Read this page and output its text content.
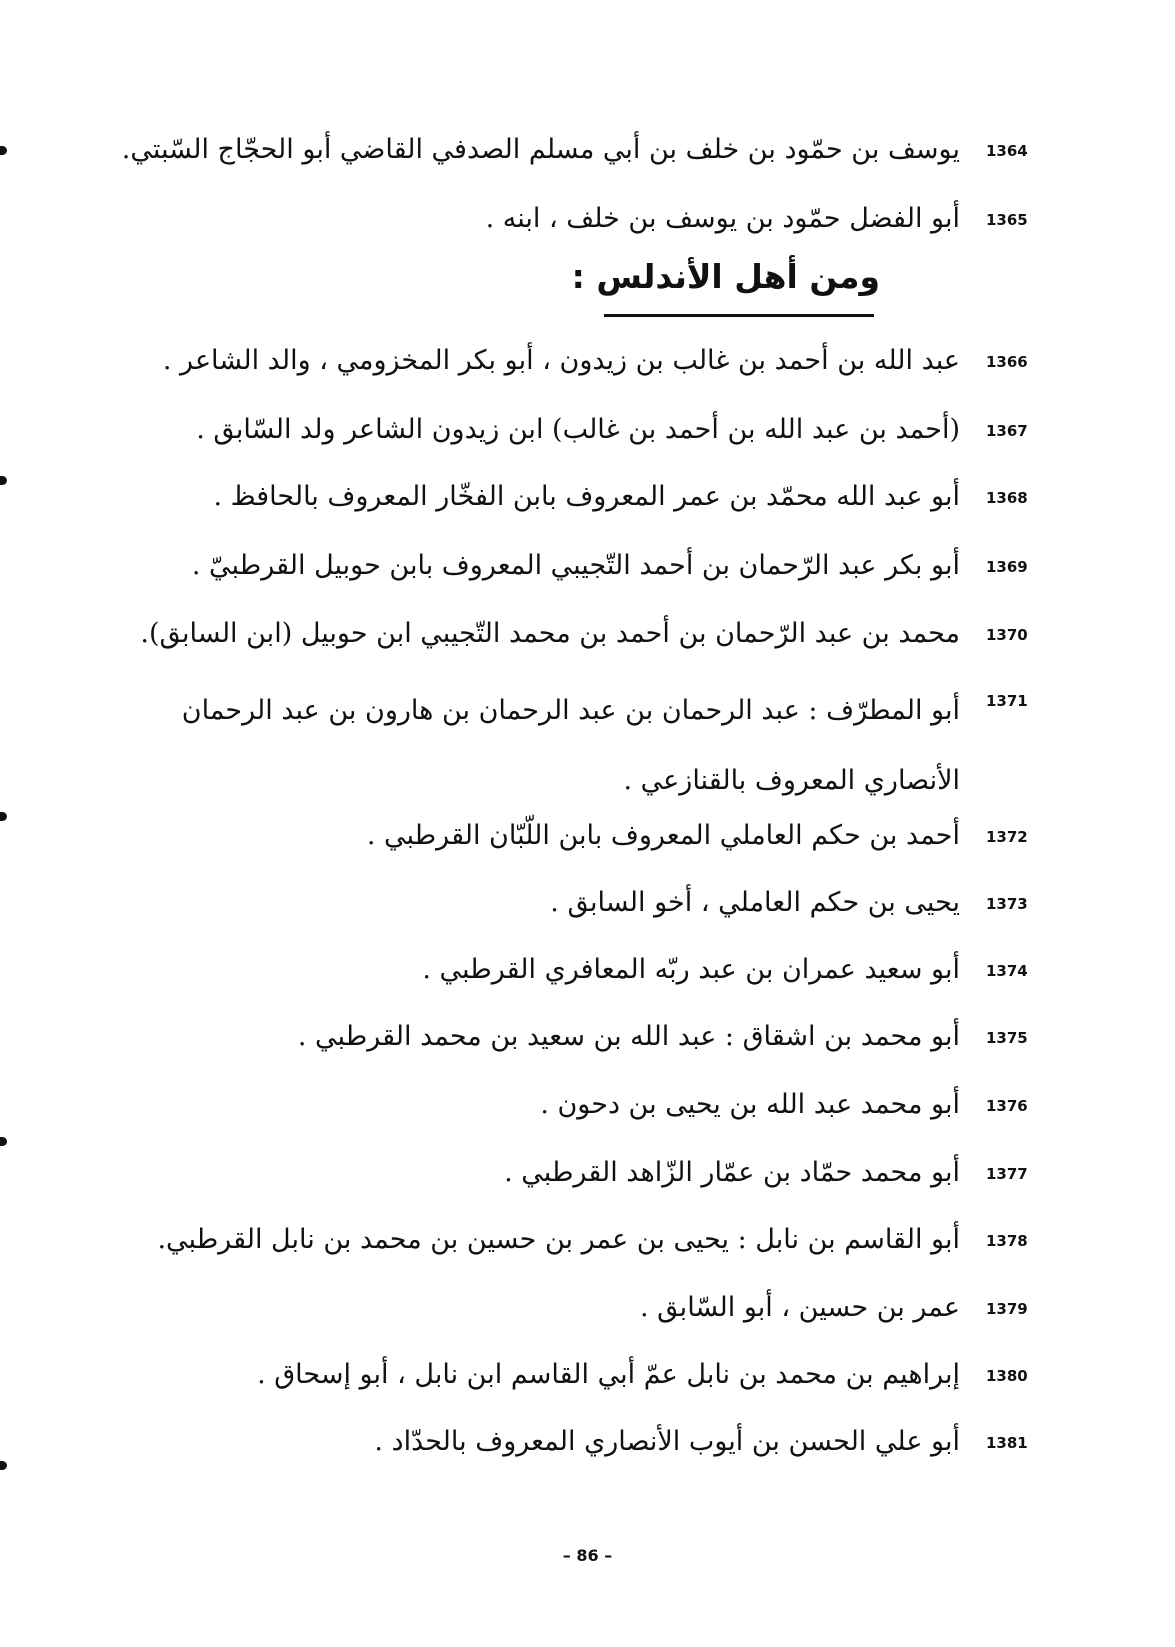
1364
يوسف بن حمّود بن خلف بن أبي مسلم الصدفي القاضي أبو الحجّاج السّبتي.
1365
أبو الفضل حمّود بن يوسف بن خلف ، ابنه .
ومن أهل الأندلس :
1366
عبد الله بن أحمد بن غالب بن زيدون ، أبو بكر المخزومي ، والد الشاعر .
1367
(أحمد بن عبد الله بن أحمد بن غالب) ابن زيدون الشاعر ولد السّابق .
1368
أبو عبد الله محمّد بن عمر المعروف بابن الفخّار المعروف بالحافظ .
1369
أبو بكر عبد الرّحمان بن أحمد التّجيبي المعروف بابن حوبيل القرطبيّ .
1370
محمد بن عبد الرّحمان بن أحمد بن محمد التّجيبي ابن حوبيل (ابن السابق).
1371
أبو المطرّف : عبد الرحمان بن عبد الرحمان بن هارون بن عبد الرحمان الأنصاري المعروف بالقنازعي .
1372
أحمد بن حكم العاملي المعروف بابن اللّبّان القرطبي .
1373
يحيى بن حكم العاملي ، أخو السابق .
1374
أبو سعيد عمران بن عبد ربّه المعافري القرطبي .
1375
أبو محمد بن اشقاق : عبد الله بن سعيد بن محمد القرطبي .
1376
أبو محمد عبد الله بن يحيى بن دحون .
1377
أبو محمد حمّاد بن عمّار الزّاهد القرطبي .
1378
أبو القاسم بن نابل : يحيى بن عمر بن حسين بن محمد بن نابل القرطبي.
1379
عمر بن حسين ، أبو السّابق .
1380
إبراهيم بن محمد بن نابل عمّ أبي القاسم ابن نابل ، أبو إسحاق .
1381
أبو علي الحسن بن أيوب الأنصاري المعروف بالحدّاد .
– 86 –
